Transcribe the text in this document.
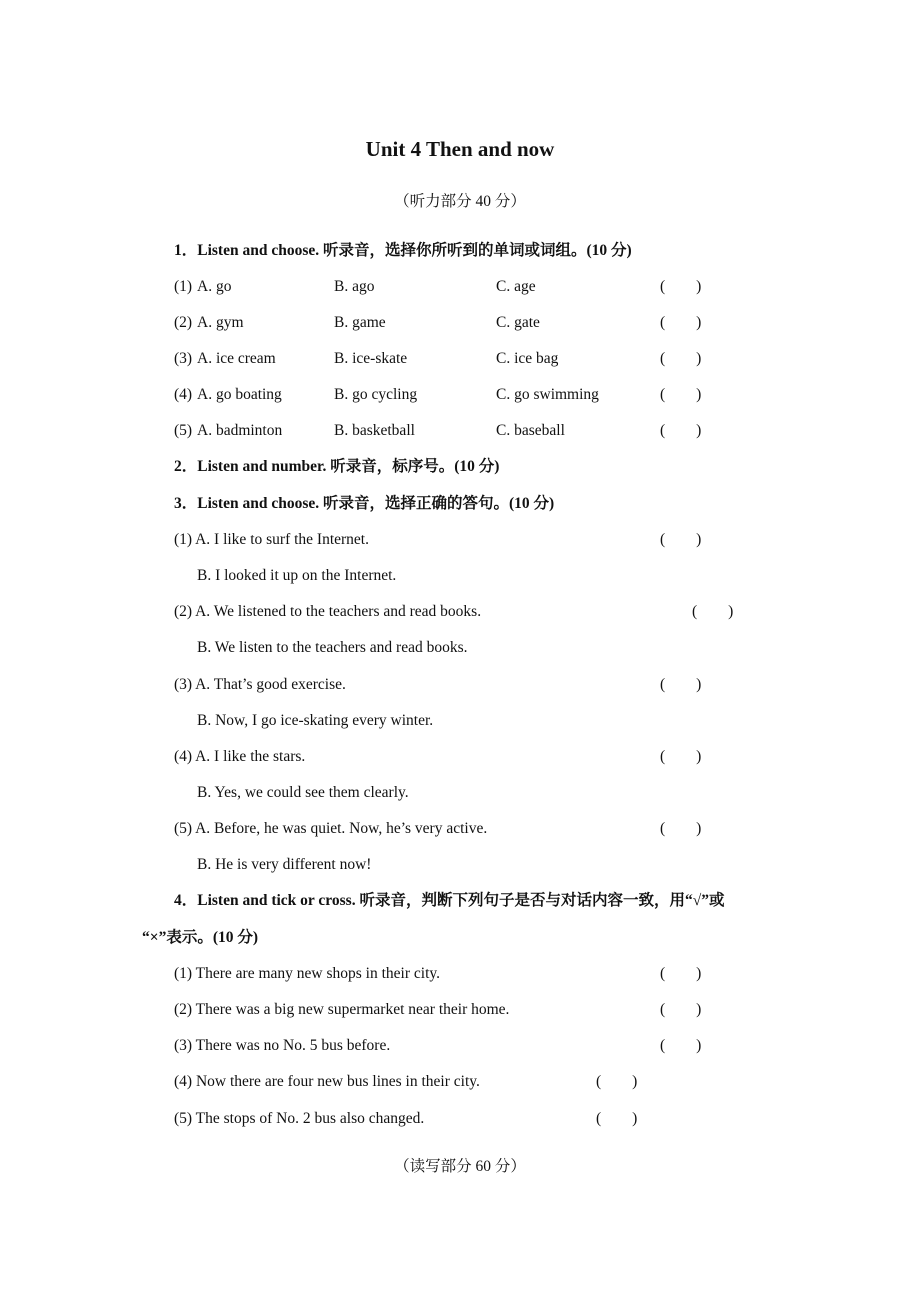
Unit 4 Then and now
（听力部分 40 分）
1．Listen and choose. 听录音，选择你所听到的单词或词组。(10 分)
(1) A. go	B. ago	C. age	(        )
(2) A. gym	B. game	C. gate	(        )
(3) A. ice cream	B. ice-skate	C. ice bag	(        )
(4) A. go boating	B. go cycling	C. go swimming	(        )
(5) A. badminton	B. basketball	C. baseball	(        )
2．Listen and number. 听录音，标序号。(10 分)
3．Listen and choose. 听录音，选择正确的答句。(10 分)
(1) A. I like to surf the Internet.	(        )
B. I looked it up on the Internet.
(2) A. We listened to the teachers and read books.	(        )
B. We listen to the teachers and read books.
(3) A. That’s good exercise.	(        )
B. Now, I go ice-skating every winter.
(4) A. I like the stars.	(        )
B. Yes, we could see them clearly.
(5) A. Before, he was quiet. Now, he’s very active.	(        )
B. He is very different now!
4．Listen and tick or cross. 听录音，判断下列句子是否与对话内容一致，用“√”或
“×”表示。(10 分)
(1) There are many new shops in their city.	(        )
(2) There was a big new supermarket near their home.	(        )
(3) There was no No. 5 bus before.	(        )
(4) Now there are four new bus lines in their city.	(        )
(5) The stops of No. 2 bus also changed.	(        )
（读写部分 60 分）
